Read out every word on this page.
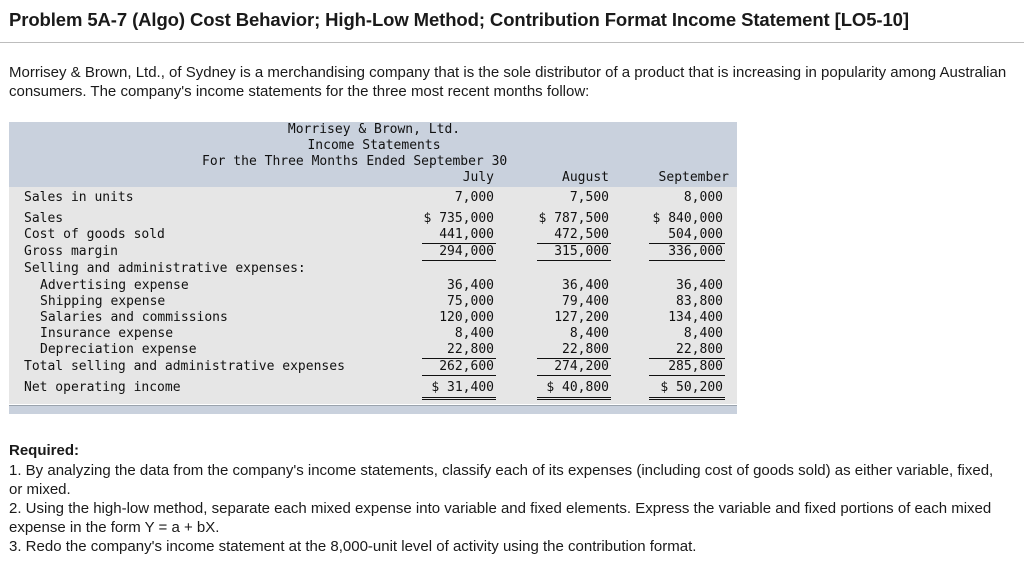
Problem 5A-7 (Algo) Cost Behavior; High-Low Method; Contribution Format Income Statement [LO5-10]
Morrisey & Brown, Ltd., of Sydney is a merchandising company that is the sole distributor of a product that is increasing in popularity among Australian consumers. The company's income statements for the three most recent months follow:
Morrisey & Brown, Ltd.
Income Statements
For the Three Months Ended September 30
July	August	September
Sales in units	7,000	7,500	8,000
Sales	$ 735,000	$ 787,500	$ 840,000
Cost of goods sold	441,000	472,500	504,000
Gross margin	294,000	315,000	336,000
Selling and administrative expenses:
Advertising expense	36,400	36,400	36,400
Shipping expense	75,000	79,400	83,800
Salaries and commissions	120,000	127,200	134,400
Insurance expense	8,400	8,400	8,400
Depreciation expense	22,800	22,800	22,800
Total selling and administrative expenses	262,600	274,200	285,800
Net operating income	$ 31,400	$ 40,800	$ 50,200
Required:
1. By analyzing the data from the company's income statements, classify each of its expenses (including cost of goods sold) as either variable, fixed, or mixed.
2. Using the high-low method, separate each mixed expense into variable and fixed elements. Express the variable and fixed portions of each mixed expense in the form Y = a + bX.
3. Redo the company's income statement at the 8,000-unit level of activity using the contribution format.
